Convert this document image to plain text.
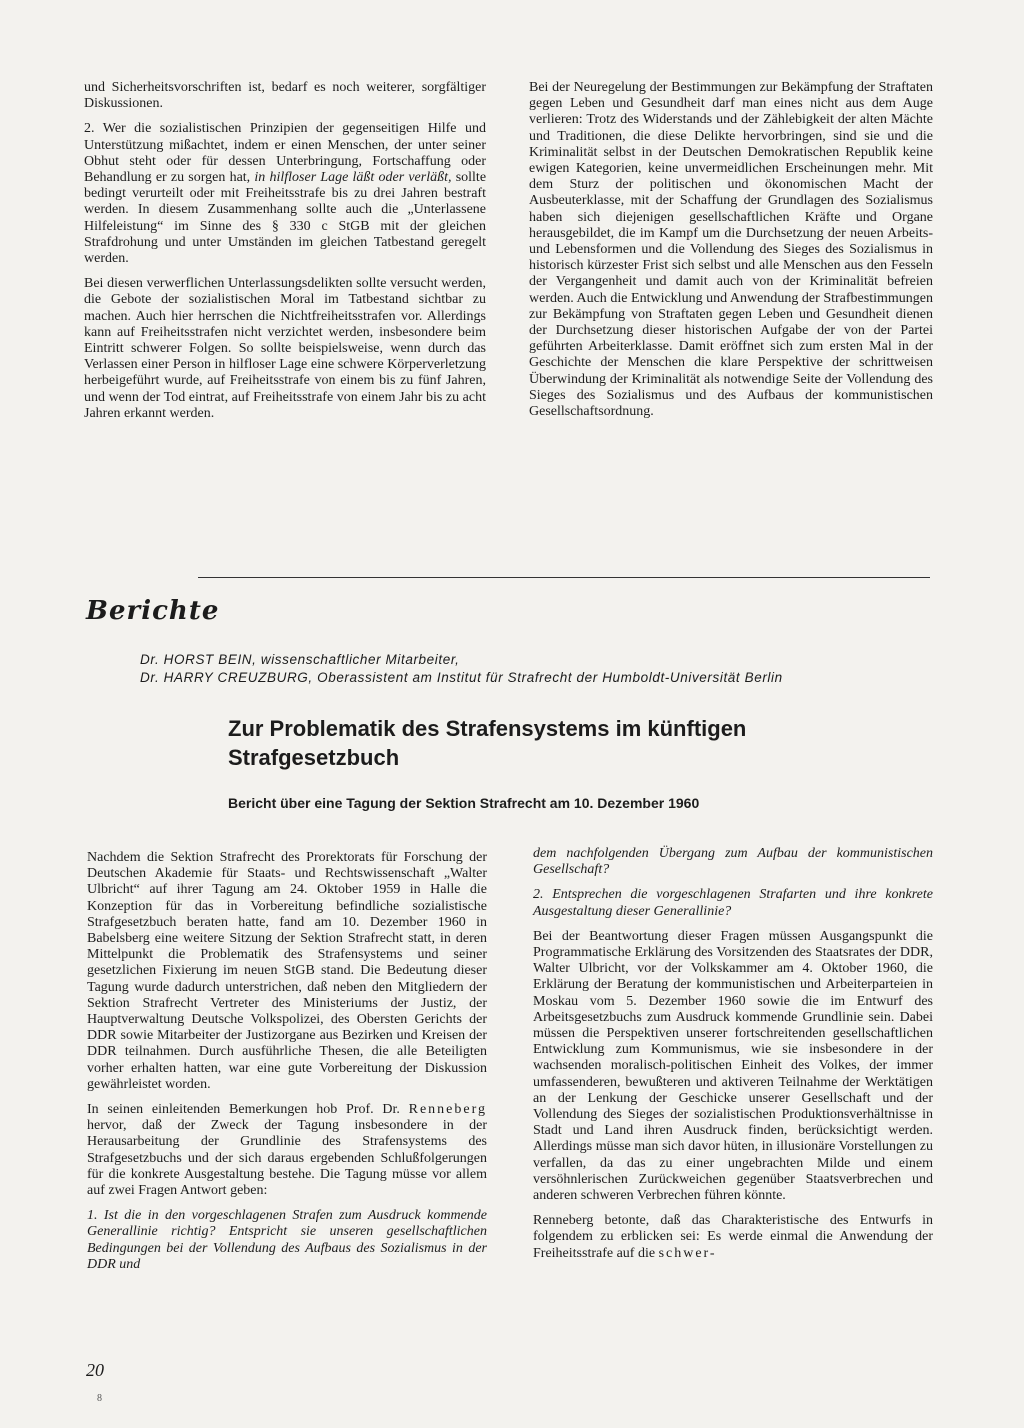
und Sicherheitsvorschriften ist, bedarf es noch weiterer, sorgfältiger Diskussionen.

2. Wer die sozialistischen Prinzipien der gegenseitigen Hilfe und Unterstützung mißachtet, indem er einen Menschen, der unter seiner Obhut steht oder für dessen Unterbringung, Fortschaffung oder Behandlung er zu sorgen hat, in hilfloser Lage läßt oder verläßt, sollte bedingt verurteilt oder mit Freiheitsstrafe bis zu drei Jahren bestraft werden. In diesem Zusammenhang sollte auch die „Unterlassene Hilfeleistung“ im Sinne des § 330 c StGB mit der gleichen Strafdrohung und unter Umständen im gleichen Tatbestand geregelt werden.

Bei diesen verwerflichen Unterlassungsdelikten sollte versucht werden, die Gebote der sozialistischen Moral im Tatbestand sichtbar zu machen. Auch hier herrschen die Nichtfreiheitsstrafen vor. Allerdings kann auf Freiheitsstrafen nicht verzichtet werden, insbesondere beim Eintritt schwerer Folgen. So sollte beispielsweise, wenn durch das Verlassen einer Person in hilfloser Lage eine schwere Körperverletzung herbeigeführt wurde, auf Freiheitsstrafe von einem bis zu fünf Jahren, und wenn der Tod eintrat, auf Freiheitsstrafe von einem Jahr bis zu acht Jahren erkannt werden.

Bei der Neuregelung der Bestimmungen zur Bekämpfung der Straftaten gegen Leben und Gesundheit darf man eines nicht aus dem Auge verlieren: Trotz des Widerstands und der Zählebigkeit der alten Mächte und Traditionen, die diese Delikte hervorbringen, sind sie und die Kriminalität selbst in der Deutschen Demokratischen Republik keine ewigen Kategorien, keine unvermeidlichen Erscheinungen mehr. Mit dem Sturz der politischen und ökonomischen Macht der Ausbeuterklasse, mit der Schaffung der Grundlagen des Sozialismus haben sich diejenigen gesellschaftlichen Kräfte und Organe herausgebildet, die im Kampf um die Durchsetzung der neuen Arbeits- und Lebensformen und die Vollendung des Sieges des Sozialismus in historisch kürzester Frist sich selbst und alle Menschen aus den Fesseln der Vergangenheit und damit auch von der Kriminalität befreien werden. Auch die Entwicklung und Anwendung der Strafbestimmungen zur Bekämpfung von Straftaten gegen Leben und Gesundheit dienen der Durchsetzung dieser historischen Aufgabe der von der Partei geführten Arbeiterklasse. Damit eröffnet sich zum ersten Mal in der Geschichte der Menschen die klare Perspektive der schrittweisen Überwindung der Kriminalität als notwendige Seite der Vollendung des Sieges des Sozialismus und des Aufbaus der kommunistischen Gesellschaftsordnung.

Berichte
Dr. HORST BEIN, wissenschaftlicher Mitarbeiter,
Dr. HARRY CREUZBURG, Oberassistent am Institut für Strafrecht der Humboldt-Universität Berlin
Zur Problematik des Strafensystems im künftigen Strafgesetzbuch
Bericht über eine Tagung der Sektion Strafrecht am 10. Dezember 1960

Nachdem die Sektion Strafrecht des Prorektorats für Forschung der Deutschen Akademie für Staats- und Rechtswissenschaft „Walter Ulbricht“ auf ihrer Tagung am 24. Oktober 1959 in Halle die Konzeption für das in Vorbereitung befindliche sozialistische Strafgesetzbuch beraten hatte, fand am 10. Dezember 1960 in Babelsberg eine weitere Sitzung der Sektion Strafrecht statt, in deren Mittelpunkt die Problematik des Strafensystems und seiner gesetzlichen Fixierung im neuen StGB stand. Die Bedeutung dieser Tagung wurde dadurch unterstrichen, daß neben den Mitgliedern der Sektion Strafrecht Vertreter des Ministeriums der Justiz, der Hauptverwaltung Deutsche Volkspolizei, des Obersten Gerichts der DDR sowie Mitarbeiter der Justizorgane aus Bezirken und Kreisen der DDR teilnahmen. Durch ausführliche Thesen, die alle Beteiligten vorher erhalten hatten, war eine gute Vorbereitung der Diskussion gewährleistet worden.

In seinen einleitenden Bemerkungen hob Prof. Dr. Renneberg hervor, daß der Zweck der Tagung insbesondere in der Herausarbeitung der Grundlinie des Strafensystems des Strafgesetzbuchs und der sich daraus ergebenden Schlußfolgerungen für die konkrete Ausgestaltung bestehe. Die Tagung müsse vor allem auf zwei Fragen Antwort geben:

1. Ist die in den vorgeschlagenen Strafen zum Ausdruck kommende Generallinie richtig? Entspricht sie unseren gesellschaftlichen Bedingungen bei der Vollendung des Aufbaus des Sozialismus in der DDR und

dem nachfolgenden Übergang zum Aufbau der kommunistischen Gesellschaft?

2. Entsprechen die vorgeschlagenen Strafarten und ihre konkrete Ausgestaltung dieser Generallinie?

Bei der Beantwortung dieser Fragen müssen Ausgangspunkt die Programmatische Erklärung des Vorsitzenden des Staatsrates der DDR, Walter Ulbricht, vor der Volkskammer am 4. Oktober 1960, die Erklärung der Beratung der kommunistischen und Arbeiterparteien in Moskau vom 5. Dezember 1960 sowie die im Entwurf des Arbeitsgesetzbuchs zum Ausdruck kommende Grundlinie sein. Dabei müssen die Perspektiven unserer fortschreitenden gesellschaftlichen Entwicklung zum Kommunismus, wie sie insbesondere in der wachsenden moralisch-politischen Einheit des Volkes, der immer umfassenderen, bewußteren und aktiveren Teilnahme der Werktätigen an der Lenkung der Geschicke unserer Gesellschaft und der Vollendung des Sieges der sozialistischen Produktionsverhältnisse in Stadt und Land ihren Ausdruck finden, berücksichtigt werden. Allerdings müsse man sich davor hüten, in illusionäre Vorstellungen zu verfallen, da das zu einer ungebrachten Milde und einem versöhnlerischen Zurückweichen gegenüber Staatsverbrechen und anderen schweren Verbrechen führen könnte.

Renneberg betonte, daß das Charakteristische des Entwurfs in folgendem zu erblicken sei: Es werde einmal die Anwendung der Freiheitsstrafe auf die schwer-

20
8
